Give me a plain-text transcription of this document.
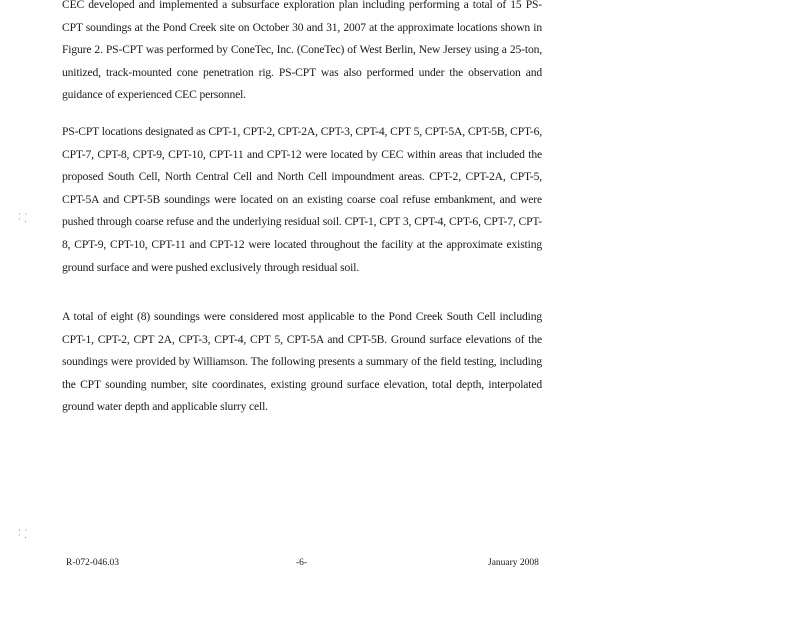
CEC developed and implemented a subsurface exploration plan including performing a total of 15 PS-CPT soundings at the Pond Creek site on October 30 and 31, 2007 at the approximate locations shown in Figure 2. PS-CPT was performed by ConeTec, Inc. (ConeTec) of West Berlin, New Jersey using a 25-ton, unitized, track-mounted cone penetration rig. PS-CPT was also performed under the observation and guidance of experienced CEC personnel.

PS-CPT locations designated as CPT-1, CPT-2, CPT-2A, CPT-3, CPT-4, CPT 5, CPT-5A, CPT-5B, CPT-6, CPT-7, CPT-8, CPT-9, CPT-10, CPT-11 and CPT-12 were located by CEC within areas that included the proposed South Cell, North Central Cell and North Cell impoundment areas. CPT-2, CPT-2A, CPT-5, CPT-5A and CPT-5B soundings were located on an existing coarse coal refuse embankment, and were pushed through coarse refuse and the underlying residual soil. CPT-1, CPT 3, CPT-4, CPT-6, CPT-7, CPT-8, CPT-9, CPT-10, CPT-11 and CPT-12 were located throughout the facility at the approximate existing ground surface and were pushed exclusively through residual soil.

A total of eight (8) soundings were considered most applicable to the Pond Creek South Cell including CPT-1, CPT-2, CPT 2A, CPT-3, CPT-4, CPT 5, CPT-5A and CPT-5B. Ground surface elevations of the soundings were provided by Williamson. The following presents a summary of the field testing, including the CPT sounding number, site coordinates, existing ground surface elevation, total depth, interpolated ground water depth and applicable slurry cell.

· ·
· .
· ·
· .
R-072-046.03	-6-	January 2008
